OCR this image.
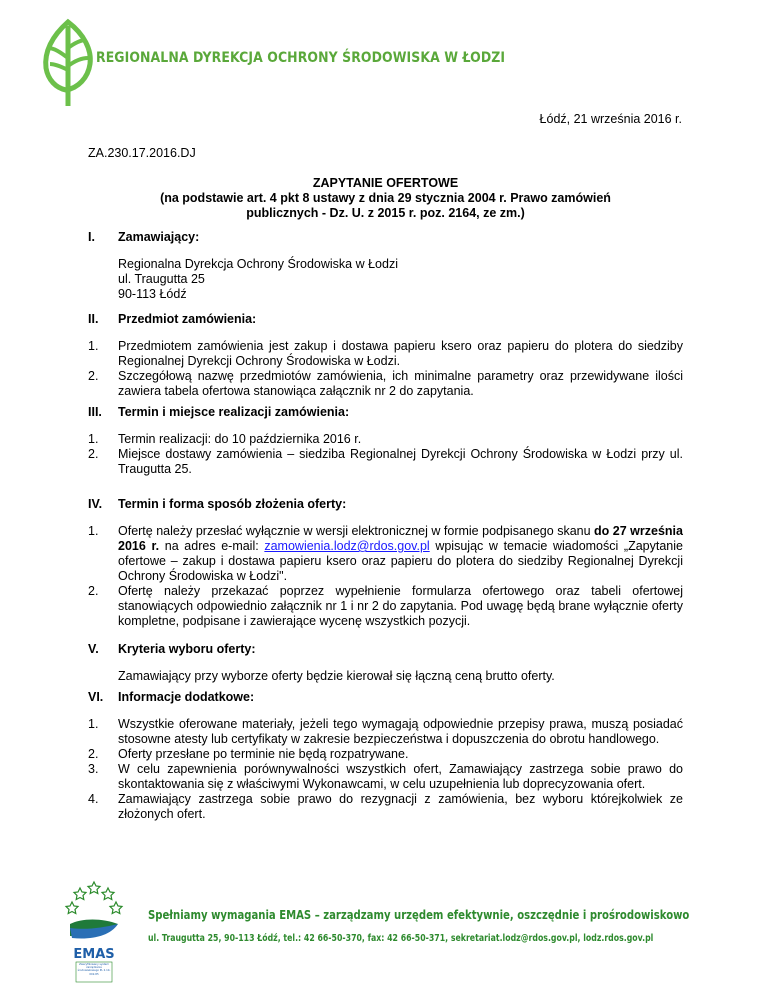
REGIONALNA DYREKCJA OCHRONY ŚRODOWISKA W ŁODZI
Łódź, 21 września 2016 r.
ZA.230.17.2016.DJ
ZAPYTANIE OFERTOWE
(na podstawie art. 4 pkt 8 ustawy z dnia 29 stycznia 2004 r. Prawo zamówień
publicznych - Dz. U. z 2015 r. poz. 2164, ze zm.)
I.	Zamawiający:
Regionalna Dyrekcja Ochrony Środowiska w Łodzi
ul. Traugutta 25
90-113 Łódź
II.	Przedmiot zamówienia:
1.	Przedmiotem zamówienia jest zakup i dostawa papieru ksero oraz papieru do plotera do siedziby Regionalnej Dyrekcji Ochrony Środowiska w Łodzi.
2.	Szczegółową nazwę przedmiotów zamówienia, ich minimalne parametry oraz przewidywane ilości zawiera tabela ofertowa stanowiąca załącznik nr 2 do zapytania.
III.	Termin i miejsce realizacji zamówienia:
1.	Termin realizacji: do 10 października 2016 r.
2.	Miejsce dostawy zamówienia – siedziba Regionalnej Dyrekcji Ochrony Środowiska w Łodzi przy ul. Traugutta 25.
IV.	Termin i forma sposób złożenia oferty:
1.	Ofertę należy przesłać wyłącznie w wersji elektronicznej w formie podpisanego skanu do 27 września 2016 r. na adres e-mail: zamowienia.lodz@rdos.gov.pl wpisując w temacie wiadomości „Zapytanie ofertowe – zakup i dostawa papieru ksero oraz papieru do plotera do siedziby Regionalnej Dyrekcji Ochrony Środowiska w Łodzi".
2.	Ofertę należy przekazać poprzez wypełnienie formularza ofertowego oraz tabeli ofertowej stanowiących odpowiednio załącznik nr 1 i nr 2 do zapytania. Pod uwagę będą brane wyłącznie oferty kompletne, podpisane i zawierające wycenę wszystkich pozycji.
V.	Kryteria wyboru oferty:
Zamawiający przy wyborze oferty będzie kierował się łączną ceną brutto oferty.
VI.	Informacje dodatkowe:
1.	Wszystkie oferowane materiały, jeżeli tego wymagają odpowiednie przepisy prawa, muszą posiadać stosowne atesty lub certyfikaty w zakresie bezpieczeństwa i dopuszczenia do obrotu handlowego.
2.	Oferty przesłane po terminie nie będą rozpatrywane.
3.	W celu zapewnienia porównywalności wszystkich ofert, Zamawiający zastrzega sobie prawo do skontaktowania się z właściwymi Wykonawcami, w celu uzupełnienia lub doprecyzowania ofert.
4.	Zamawiający zastrzega sobie prawo do rezygnacji z zamówienia, bez wyboru którejkolwiek ze złożonych ofert.
EMAS
Zweryfikowany system zarządzania środowiskowego PL 2.10-002-85
Spełniamy wymagania EMAS – zarządzamy urzędem efektywnie, oszczędnie i prośrodowiskowo
ul. Traugutta 25, 90-113 Łódź, tel.: 42 66-50-370, fax: 42 66-50-371, sekretariat.lodz@rdos.gov.pl, lodz.rdos.gov.pl
